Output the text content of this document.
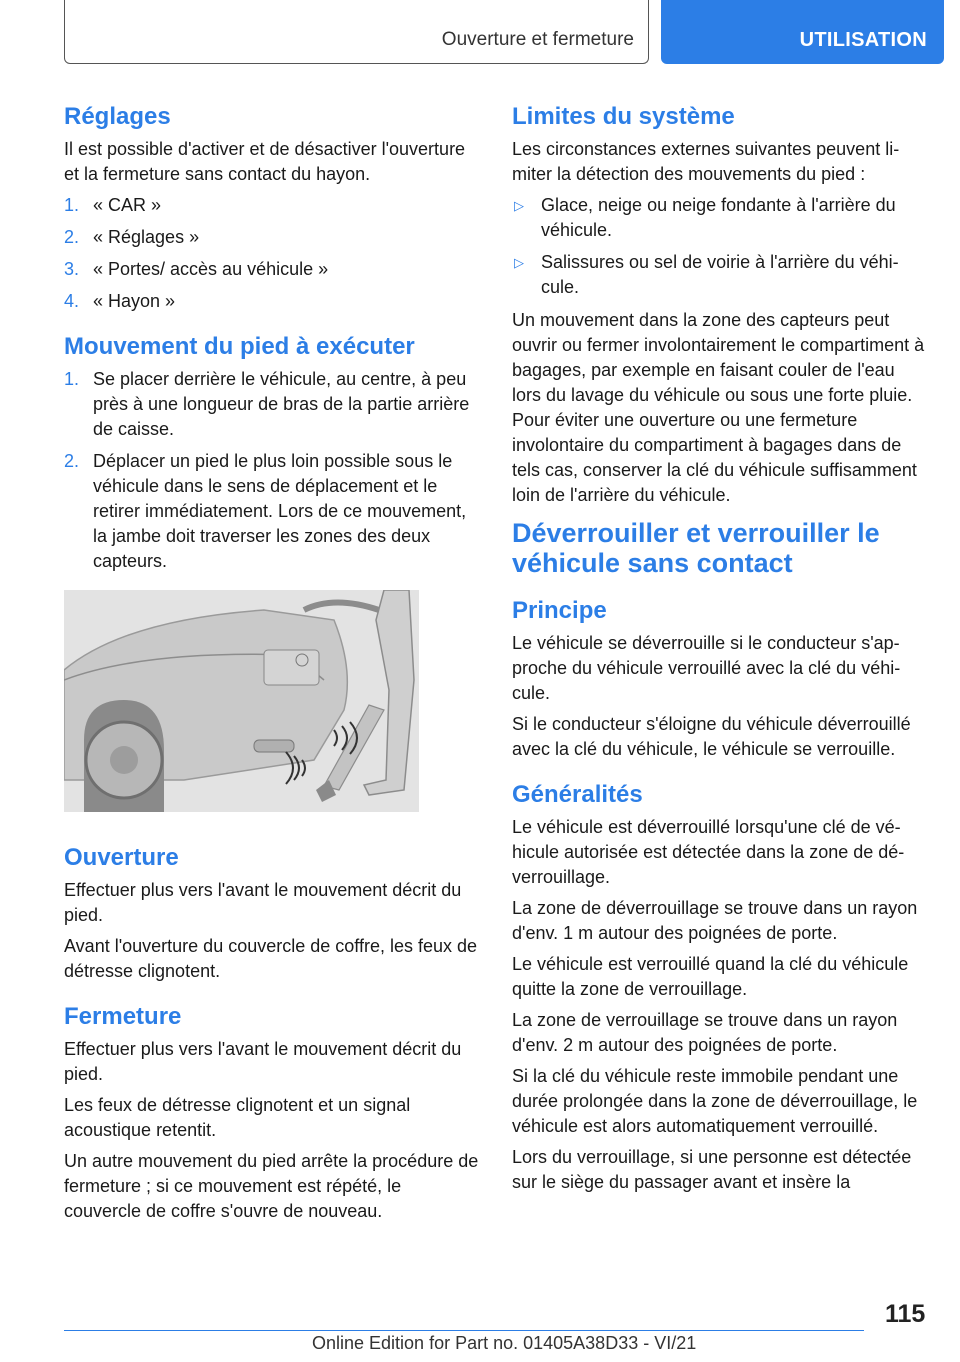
Ouverture et fermeture	UTILISATION
Réglages

Il est possible d'activer et de désactiver l'ouverture et la fermeture sans contact du hayon.

1. « CAR »
2. « Réglages »
3. « Portes/ accès au véhicule »
4. « Hayon »
Mouvement du pied à exécuter
1. Se placer derrière le véhicule, au centre, à peu près à une longueur de bras de la partie arrière de caisse.
2. Déplacer un pied le plus loin possible sous le véhicule dans le sens de déplacement et le retirer immédiatement. Lors de ce mouvement, la jambe doit traverser les zones des deux capteurs.
Ouverture

Effectuer plus vers l'avant le mouvement décrit du pied.

Avant l'ouverture du couvercle de coffre, les feux de détresse clignotent.

Fermeture

Effectuer plus vers l'avant le mouvement décrit du pied.

Les feux de détresse clignotent et un signal acoustique retentit.

Un autre mouvement du pied arrête la procédure de fermeture ; si ce mouvement est répété, le couvercle de coffre s'ouvre de nouveau.

Limites du système

Les circonstances externes suivantes peuvent limiter la détection des mouvements du pied :

▷ Glace, neige ou neige fondante à l'arrière du véhicule.
▷ Salissures ou sel de voirie à l'arrière du véhicule.

Un mouvement dans la zone des capteurs peut ouvrir ou fermer involontairement le compartiment à bagages, par exemple en faisant couler de l'eau lors du lavage du véhicule ou sous une forte pluie. Pour éviter une ouverture ou une fermeture involontaire du compartiment à bagages dans de tels cas, conserver la clé du véhicule suffisamment loin de l'arrière du véhicule.

Déverrouiller et verrouiller le véhicule sans contact
Principe

Le véhicule se déverrouille si le conducteur s'approche du véhicule verrouillé avec la clé du véhicule.

Si le conducteur s'éloigne du véhicule déverrouillé avec la clé du véhicule, le véhicule se verrouille.

Généralités

Le véhicule est déverrouillé lorsqu'une clé de véhicule autorisée est détectée dans la zone de déverrouillage.

La zone de déverrouillage se trouve dans un rayon d'env. 1 m autour des poignées de porte.

Le véhicule est verrouillé quand la clé du véhicule quitte la zone de verrouillage.

La zone de verrouillage se trouve dans un rayon d'env. 2 m autour des poignées de porte.

Si la clé du véhicule reste immobile pendant une durée prolongée dans la zone de déverrouillage, le véhicule est alors automatiquement verrouillé.

Lors du verrouillage, si une personne est détectée sur le siège du passager avant et insère la

115
Online Edition for Part no. 01405A38D33 - VI/21
